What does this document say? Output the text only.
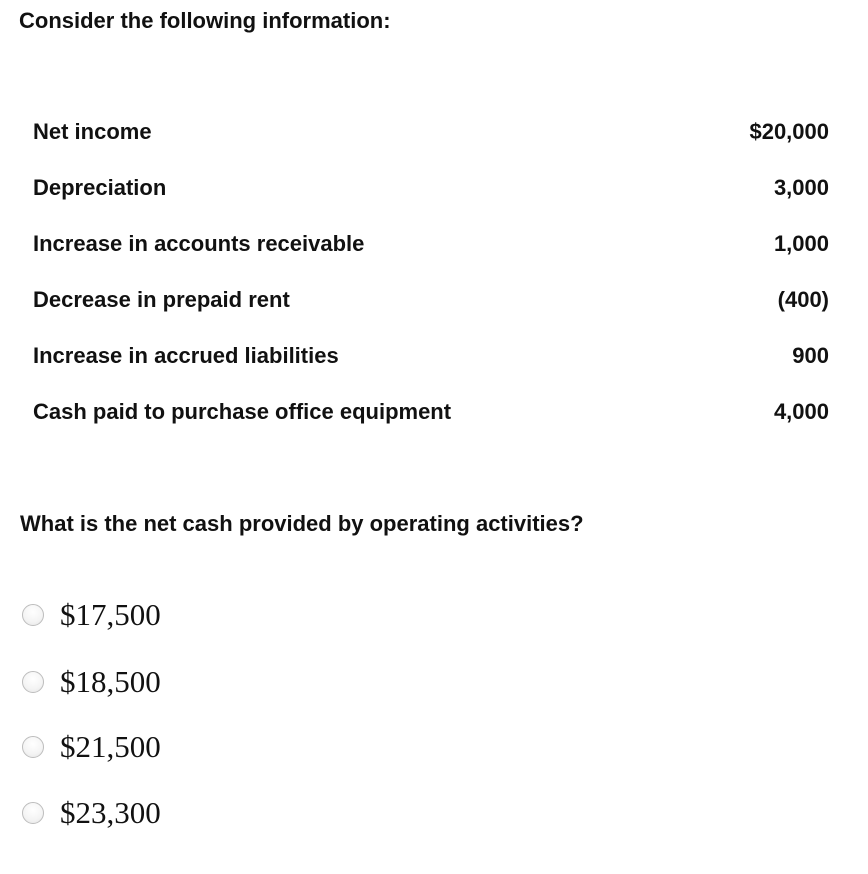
Consider the following information:
Net income	$20,000
Depreciation	3,000
Increase in accounts receivable	1,000
Decrease in prepaid rent	(400)
Increase in accrued liabilities	900
Cash paid to purchase office equipment	4,000
What is the net cash provided by operating activities?
$17,500
$18,500
$21,500
$23,300
